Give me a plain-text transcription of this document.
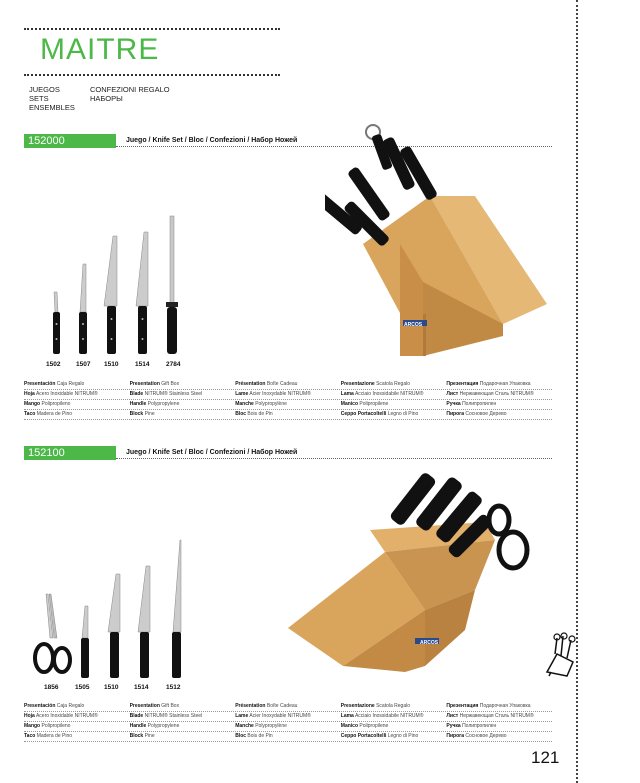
MAITRE
JUEGOS
SETS
ENSEMBLES
CONFEZIONI REGALO
НАБОРЫ
152000	Juego / Knife Set / Bloc / Confezioni / Набор Ножей
1502 1507 1510	1514	2784
ARCOS
Presentación Caja Regalo	Presentation Gift Box	Présentation Boîte Cadeau	Presentazione Scatola Regalo	Презентация Подарочная Упаковка
Hoja Acero Inoxidable NITRUM®	Blade NITRUM® Stainless Steel	Lame Acier Inoxydable NITRUM®	Lama Acciaio Inossidabile NITRUM®	Лист Нержавеющая Сталь NITRUM®
Mango Polipropileno	Handle Polypropylene	Manche Polypropylène	Manico Polipropilene	Ручка Полипропилен
Taco Madera de Pino	Block Pine	Bloc Bois de Pin	Ceppo Portacoltelli Legno di Pino	Пирога Сосновое Дерево
152100	Juego / Knife Set / Bloc / Confezioni / Набор Ножей
1856	1505 1510 1514	1512
ARCOS
Presentación Caja Regalo	Presentation Gift Box	Présentation Boîte Cadeau	Presentazione Scatola Regalo	Презентация Подарочная Упаковка
Hoja Acero Inoxidable NITRUM®	Blade NITRUM® Stainless Steel	Lame Acier Inoxydable NITRUM®	Lama Acciaio Inossidabile NITRUM®	Лист Нержавеющая Сталь NITRUM®
Mango Polipropileno	Handle Polypropylene	Manche Polypropylène	Manico Polipropilene	Ручка Полипропилен
Taco Madera de Pino	Block Pine	Bloc Bois de Pin	Ceppo Portacoltelli Legno di Pino	Пирога Сосновое Дерево
121
